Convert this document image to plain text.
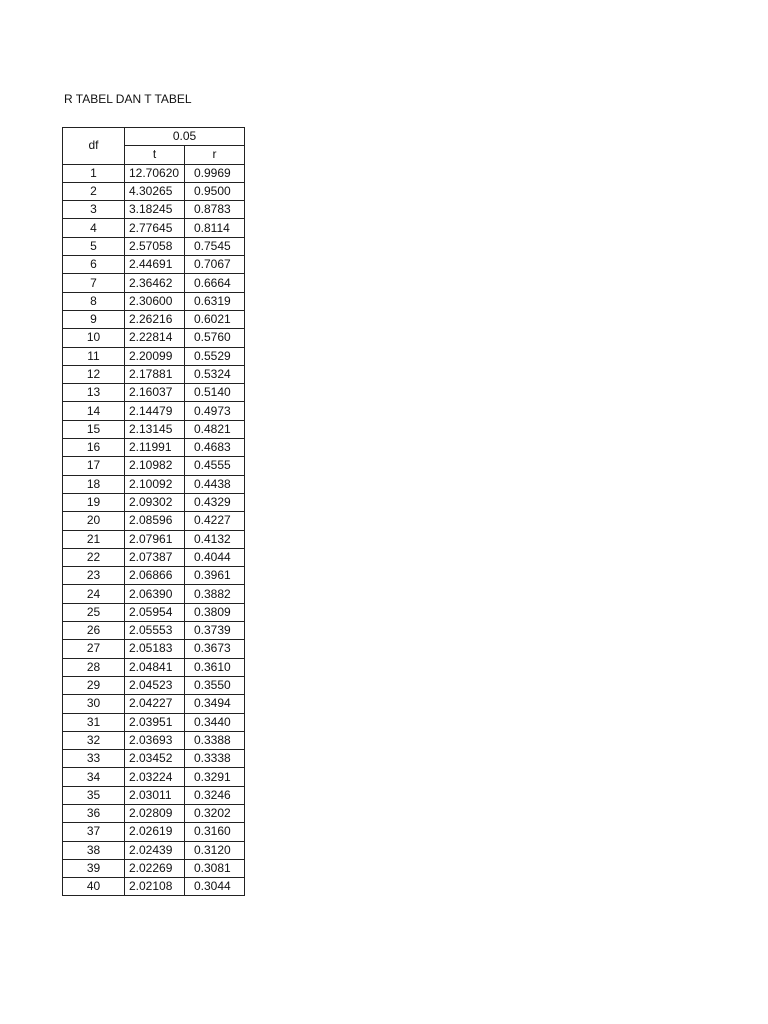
R TABEL DAN T TABEL
df	0.05	
	t	r
1	12.70620	0.9969
2	4.30265	0.9500
3	3.18245	0.8783
4	2.77645	0.8114
5	2.57058	0.7545
6	2.44691	0.7067
7	2.36462	0.6664
8	2.30600	0.6319
9	2.26216	0.6021
10	2.22814	0.5760
11	2.20099	0.5529
12	2.17881	0.5324
13	2.16037	0.5140
14	2.14479	0.4973
15	2.13145	0.4821
16	2.11991	0.4683
17	2.10982	0.4555
18	2.10092	0.4438
19	2.09302	0.4329
20	2.08596	0.4227
21	2.07961	0.4132
22	2.07387	0.4044
23	2.06866	0.3961
24	2.06390	0.3882
25	2.05954	0.3809
26	2.05553	0.3739
27	2.05183	0.3673
28	2.04841	0.3610
29	2.04523	0.3550
30	2.04227	0.3494
31	2.03951	0.3440
32	2.03693	0.3388
33	2.03452	0.3338
34	2.03224	0.3291
35	2.03011	0.3246
36	2.02809	0.3202
37	2.02619	0.3160
38	2.02439	0.3120
39	2.02269	0.3081
40	2.02108	0.3044
